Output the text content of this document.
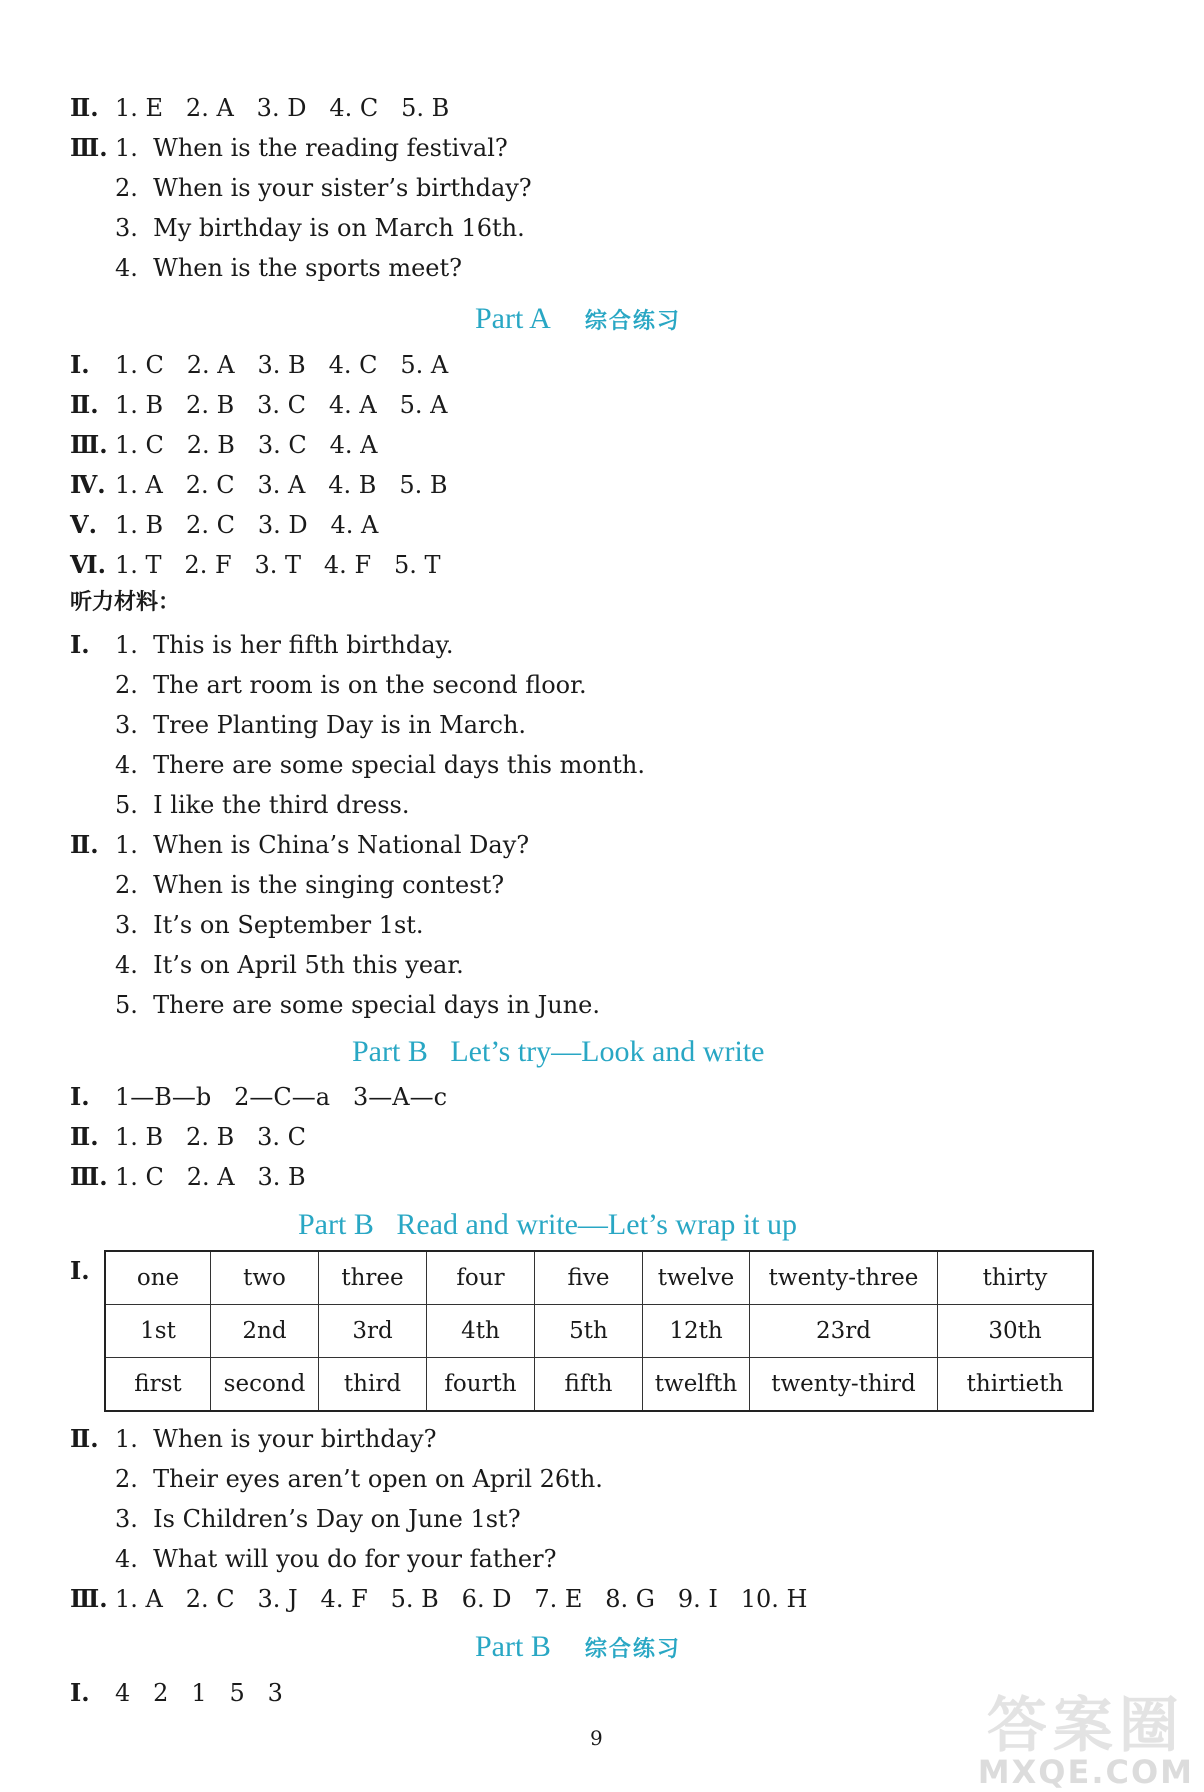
Ⅱ. 1. E   2. A   3. D   4. C   5. B
Ⅲ. 1.  When is the reading festival?
2.  When is your sister’s birthday?
3.  My birthday is on March 16th.
4.  When is the sports meet?
Part A 综合练习
Ⅰ. 1. C   2. A   3. B   4. C   5. A
Ⅱ. 1. B   2. B   3. C   4. A   5. A
Ⅲ. 1. C   2. B   3. C   4. A
Ⅳ. 1. A   2. C   3. A   4. B   5. B
Ⅴ. 1. B   2. C   3. D   4. A
Ⅵ. 1. T   2. F   3. T   4. F   5. T
听力材料：
Ⅰ. 1.  This is her fifth birthday.
2.  The art room is on the second floor.
3.  Tree Planting Day is in March.
4.  There are some special days this month.
5.  I like the third dress.
Ⅱ. 1.  When is China’s National Day?
2.  When is the singing contest?
3.  It’s on September 1st.
4.  It’s on April 5th this year.
5.  There are some special days in June.
Part B   Let’s try—Look and write
Ⅰ. 1—B—b   2—C—a   3—A—c
Ⅱ. 1. B   2. B   3. C
Ⅲ. 1. C   2. A   3. B
Part B   Read and write—Let’s wrap it up
Ⅰ. one	two	three	four	five	twelve	twenty-three	thirty
1st	2nd	3rd	4th	5th	12th	23rd	30th
first	second	third	fourth	fifth	twelfth	twenty-third	thirtieth
Ⅱ. 1.  When is your birthday?
2.  Their eyes aren’t open on April 26th.
3.  Is Children’s Day on June 1st?
4.  What will you do for your father?
Ⅲ. 1. A   2. C   3. J   4. F   5. B   6. D   7. E   8. G   9. I   10. H
Part B 综合练习
Ⅰ. 4   2   1   5   3
9	答案圈
MXQE.COM
